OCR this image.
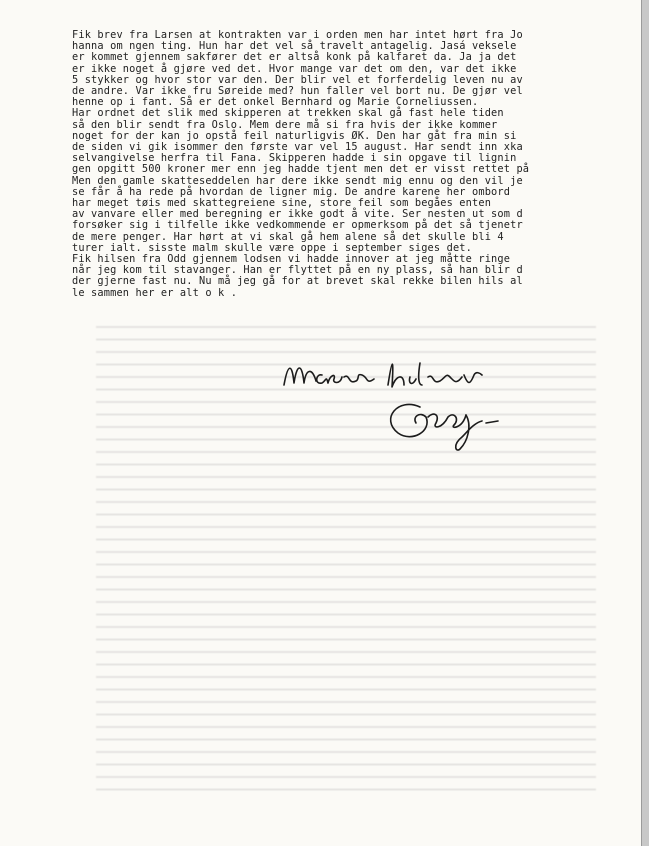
Fik brev fra Larsen at kontrakten var i orden men har intet hørt fra Jo
hanna om ngen ting. Hun har det vel så travelt antagelig. Jasá veksele
er kommet gjennem sakfører det er altså konk på kalfaret da. Ja ja det
er ikke noget å gjøre ved det. Hvor mange var det om den, var det ikke
5 stykker og hvor stor var den. Der blir vel et forferdelig leven nu av
de andre. Var ikke fru Søreide med? hun faller vel bort nu. De gjør vel
henne op i fant. Så er det onkel Bernhard og Marie Corneliussen.
Har ordnet det slik med skipperen at trekken skal gå fast hele tiden
så den blir sendt fra Oslo. Mem dere må si fra hvis der ikke kommer
noget for der kan jo opstå feil naturligvis ØK. Den har gåt fra min si
de siden vi gik isommer den første var vel 15 august. Har sendt inn xka
selvangivelse herfra til Fana. Skipperen hadde i sin opgave til lignin
gen opgitt 500 kroner mer enn jeg hadde tjent men det er visst rettet på
Men den gamle skatteseddelen har dere ikke sendt mig ennu og den vil je
se får å ha rede på hvordan de ligner mig. De andre karene her ombord
har meget tøis med skattegreiene sine, store feil som begåes enten
av vanvare eller med beregning er ikke godt å vite. Ser nesten ut som d
forsøker sig i tilfelle ikke vedkommende er opmerksom på det så tjenetr
de mere penger. Har hørt at vi skal gå hem alene så det skulle bli 4
turer ialt. sisste malm skulle være oppe i september siges det.
Fik hilsen fra Odd gjennem lodsen vi hadde innover at jeg måtte ringe
når jeg kom til stavanger. Han er flyttet på en ny plass, så han blir d
der gjerne fast nu. Nu må jeg gå for at brevet skal rekke bilen hils al
le sammen her er alt o k .
